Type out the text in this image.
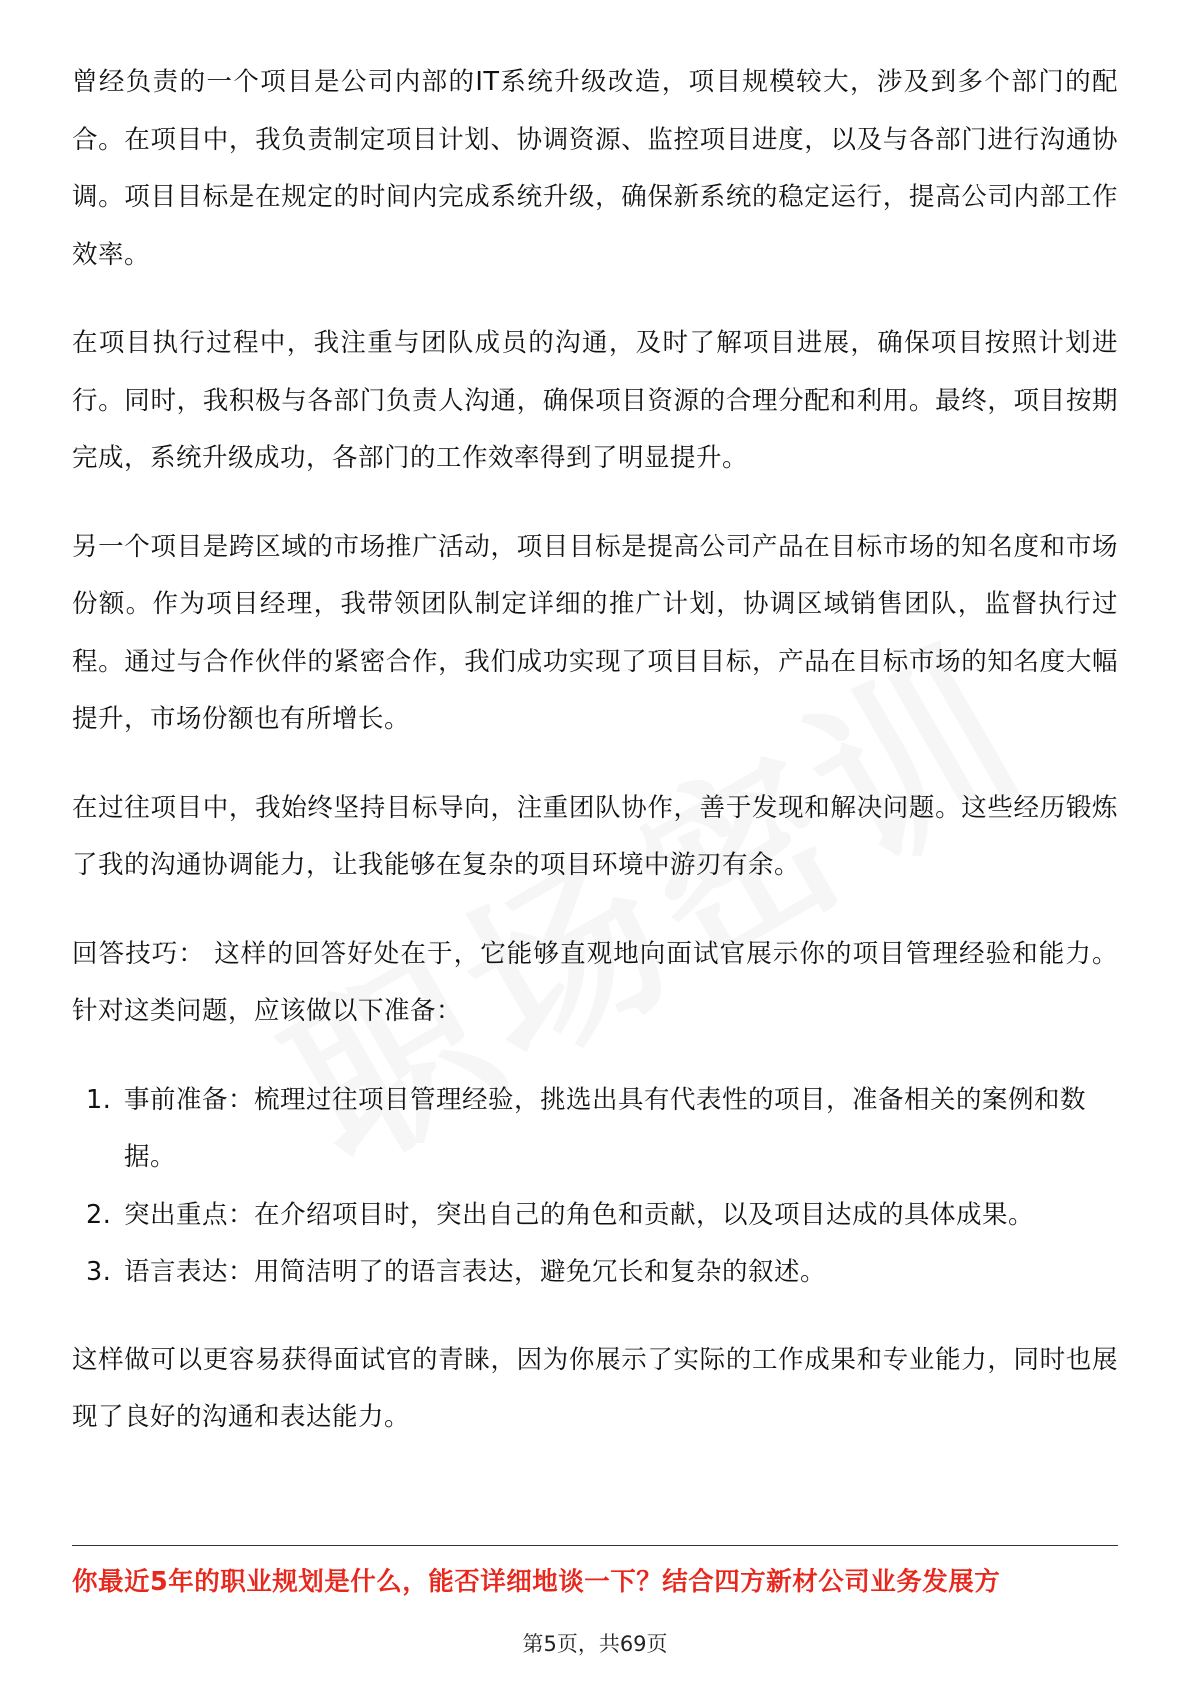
曾经负责的一个项目是公司内部的IT系统升级改造，项目规模较大，涉及到多个部门的配合。在项目中，我负责制定项目计划、协调资源、监控项目进度，以及与各部门进行沟通协调。项目目标是在规定的时间内完成系统升级，确保新系统的稳定运行，提高公司内部工作效率。

在项目执行过程中，我注重与团队成员的沟通，及时了解项目进展，确保项目按照计划进行。同时，我积极与各部门负责人沟通，确保项目资源的合理分配和利用。最终，项目按期完成，系统升级成功，各部门的工作效率得到了明显提升。

另一个项目是跨区域的市场推广活动，项目目标是提高公司产品在目标市场的知名度和市场份额。作为项目经理，我带领团队制定详细的推广计划，协调区域销售团队，监督执行过程。通过与合作伙伴的紧密合作，我们成功实现了项目目标，产品在目标市场的知名度大幅提升，市场份额也有所增长。

在过往项目中，我始终坚持目标导向，注重团队协作，善于发现和解决问题。这些经历锻炼了我的沟通协调能力，让我能够在复杂的项目环境中游刃有余。

回答技巧： 这样的回答好处在于，它能够直观地向面试官展示你的项目管理经验和能力。针对这类问题，应该做以下准备：

1. 事前准备：梳理过往项目管理经验，挑选出具有代表性的项目，准备相关的案例和数据。
2. 突出重点：在介绍项目时，突出自己的角色和贡献，以及项目达成的具体成果。
3. 语言表达：用简洁明了的语言表达，避免冗长和复杂的叙述。

这样做可以更容易获得面试官的青睐，因为你展示了实际的工作成果和专业能力，同时也展现了良好的沟通和表达能力。

你最近5年的职业规划是什么，能否详细地谈一下？结合四方新材公司业务发展方
第5页，共69页
